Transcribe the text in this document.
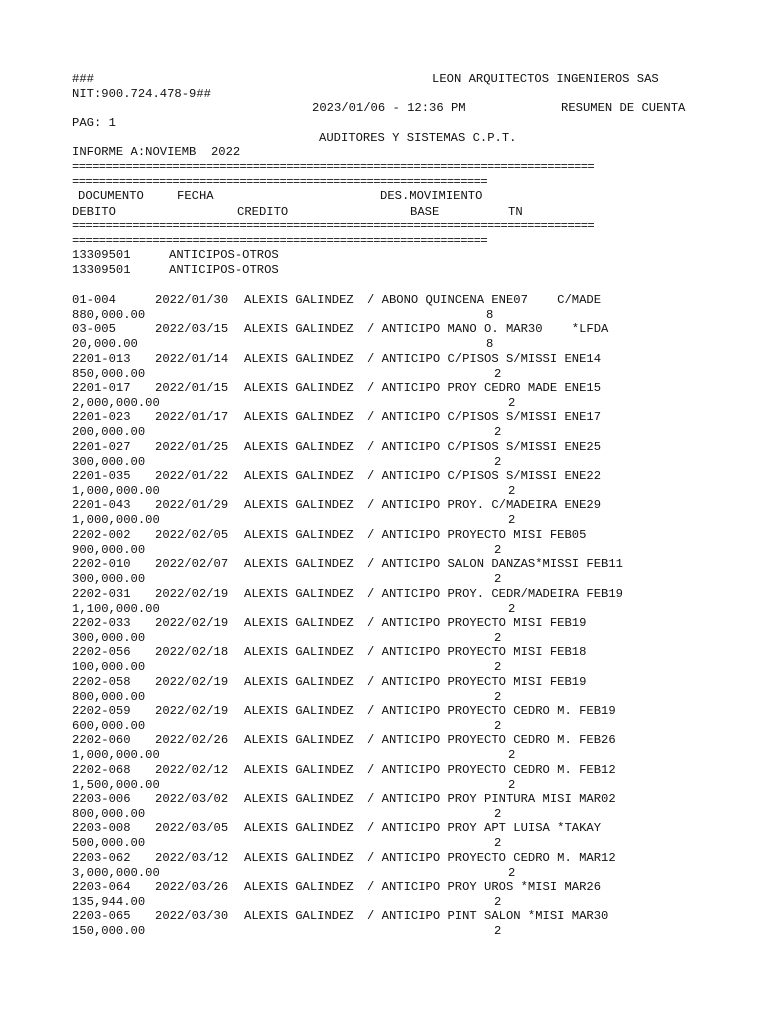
###	LEON ARQUITECTOS INGENIEROS SAS
NIT:900.724.478-9##
2023/01/06 - 12:36 PM	RESUMEN DE CUENTA
PAG: 1
AUDITORES Y SISTEMAS C.P.T.
INFORME A:NOVIEMB  2022
==============================================================================
==============================================================
DOCUMENTO	FECHA	DES.MOVIMIENTO
DEBITO	CREDITO	BASE	TN
==============================================================================
==============================================================
13309501	ANTICIPOS-OTROS
13309501	ANTICIPOS-OTROS
01-004	2022/01/30 ALEXIS GALINDEZ / ABONO QUINCENA ENE07    C/MADE
880,000.00	8
03-005	2022/03/15 ALEXIS GALINDEZ / ANTICIPO MANO O. MAR30    *LFDA
20,000.00	8
2201-013 2022/01/14 ALEXIS GALINDEZ / ANTICIPO C/PISOS S/MISSI ENE14
850,000.00	2
2201-017 2022/01/15 ALEXIS GALINDEZ / ANTICIPO PROY CEDRO MADE ENE15
2,000,000.00	2
2201-023 2022/01/17 ALEXIS GALINDEZ / ANTICIPO C/PISOS S/MISSI ENE17
200,000.00	2
2201-027 2022/01/25 ALEXIS GALINDEZ / ANTICIPO C/PISOS S/MISSI ENE25
300,000.00	2
2201-035 2022/01/22 ALEXIS GALINDEZ / ANTICIPO C/PISOS S/MISSI ENE22
1,000,000.00	2
2201-043 2022/01/29 ALEXIS GALINDEZ / ANTICIPO PROY. C/MADEIRA ENE29
1,000,000.00	2
2202-002 2022/02/05 ALEXIS GALINDEZ / ANTICIPO PROYECTO MISI FEB05
900,000.00	2
2202-010 2022/02/07 ALEXIS GALINDEZ / ANTICIPO SALON DANZAS*MISSI FEB11
300,000.00	2
2202-031 2022/02/19 ALEXIS GALINDEZ / ANTICIPO PROY. CEDR/MADEIRA FEB19
1,100,000.00	2
2202-033 2022/02/19 ALEXIS GALINDEZ / ANTICIPO PROYECTO MISI FEB19
300,000.00	2
2202-056 2022/02/18 ALEXIS GALINDEZ / ANTICIPO PROYECTO MISI FEB18
100,000.00	2
2202-058 2022/02/19 ALEXIS GALINDEZ / ANTICIPO PROYECTO MISI FEB19
800,000.00	2
2202-059 2022/02/19 ALEXIS GALINDEZ / ANTICIPO PROYECTO CEDRO M. FEB19
600,000.00	2
2202-060 2022/02/26 ALEXIS GALINDEZ / ANTICIPO PROYECTO CEDRO M. FEB26
1,000,000.00	2
2202-068 2022/02/12 ALEXIS GALINDEZ / ANTICIPO PROYECTO CEDRO M. FEB12
1,500,000.00	2
2203-006 2022/03/02 ALEXIS GALINDEZ / ANTICIPO PROY PINTURA MISI MAR02
800,000.00	2
2203-008 2022/03/05 ALEXIS GALINDEZ / ANTICIPO PROY APT LUISA *TAKAY
500,000.00	2
2203-062 2022/03/12 ALEXIS GALINDEZ / ANTICIPO PROYECTO CEDRO M. MAR12
3,000,000.00	2
2203-064 2022/03/26 ALEXIS GALINDEZ / ANTICIPO PROY UROS *MISI MAR26
135,944.00	2
2203-065 2022/03/30 ALEXIS GALINDEZ / ANTICIPO PINT SALON *MISI MAR30
150,000.00	2
